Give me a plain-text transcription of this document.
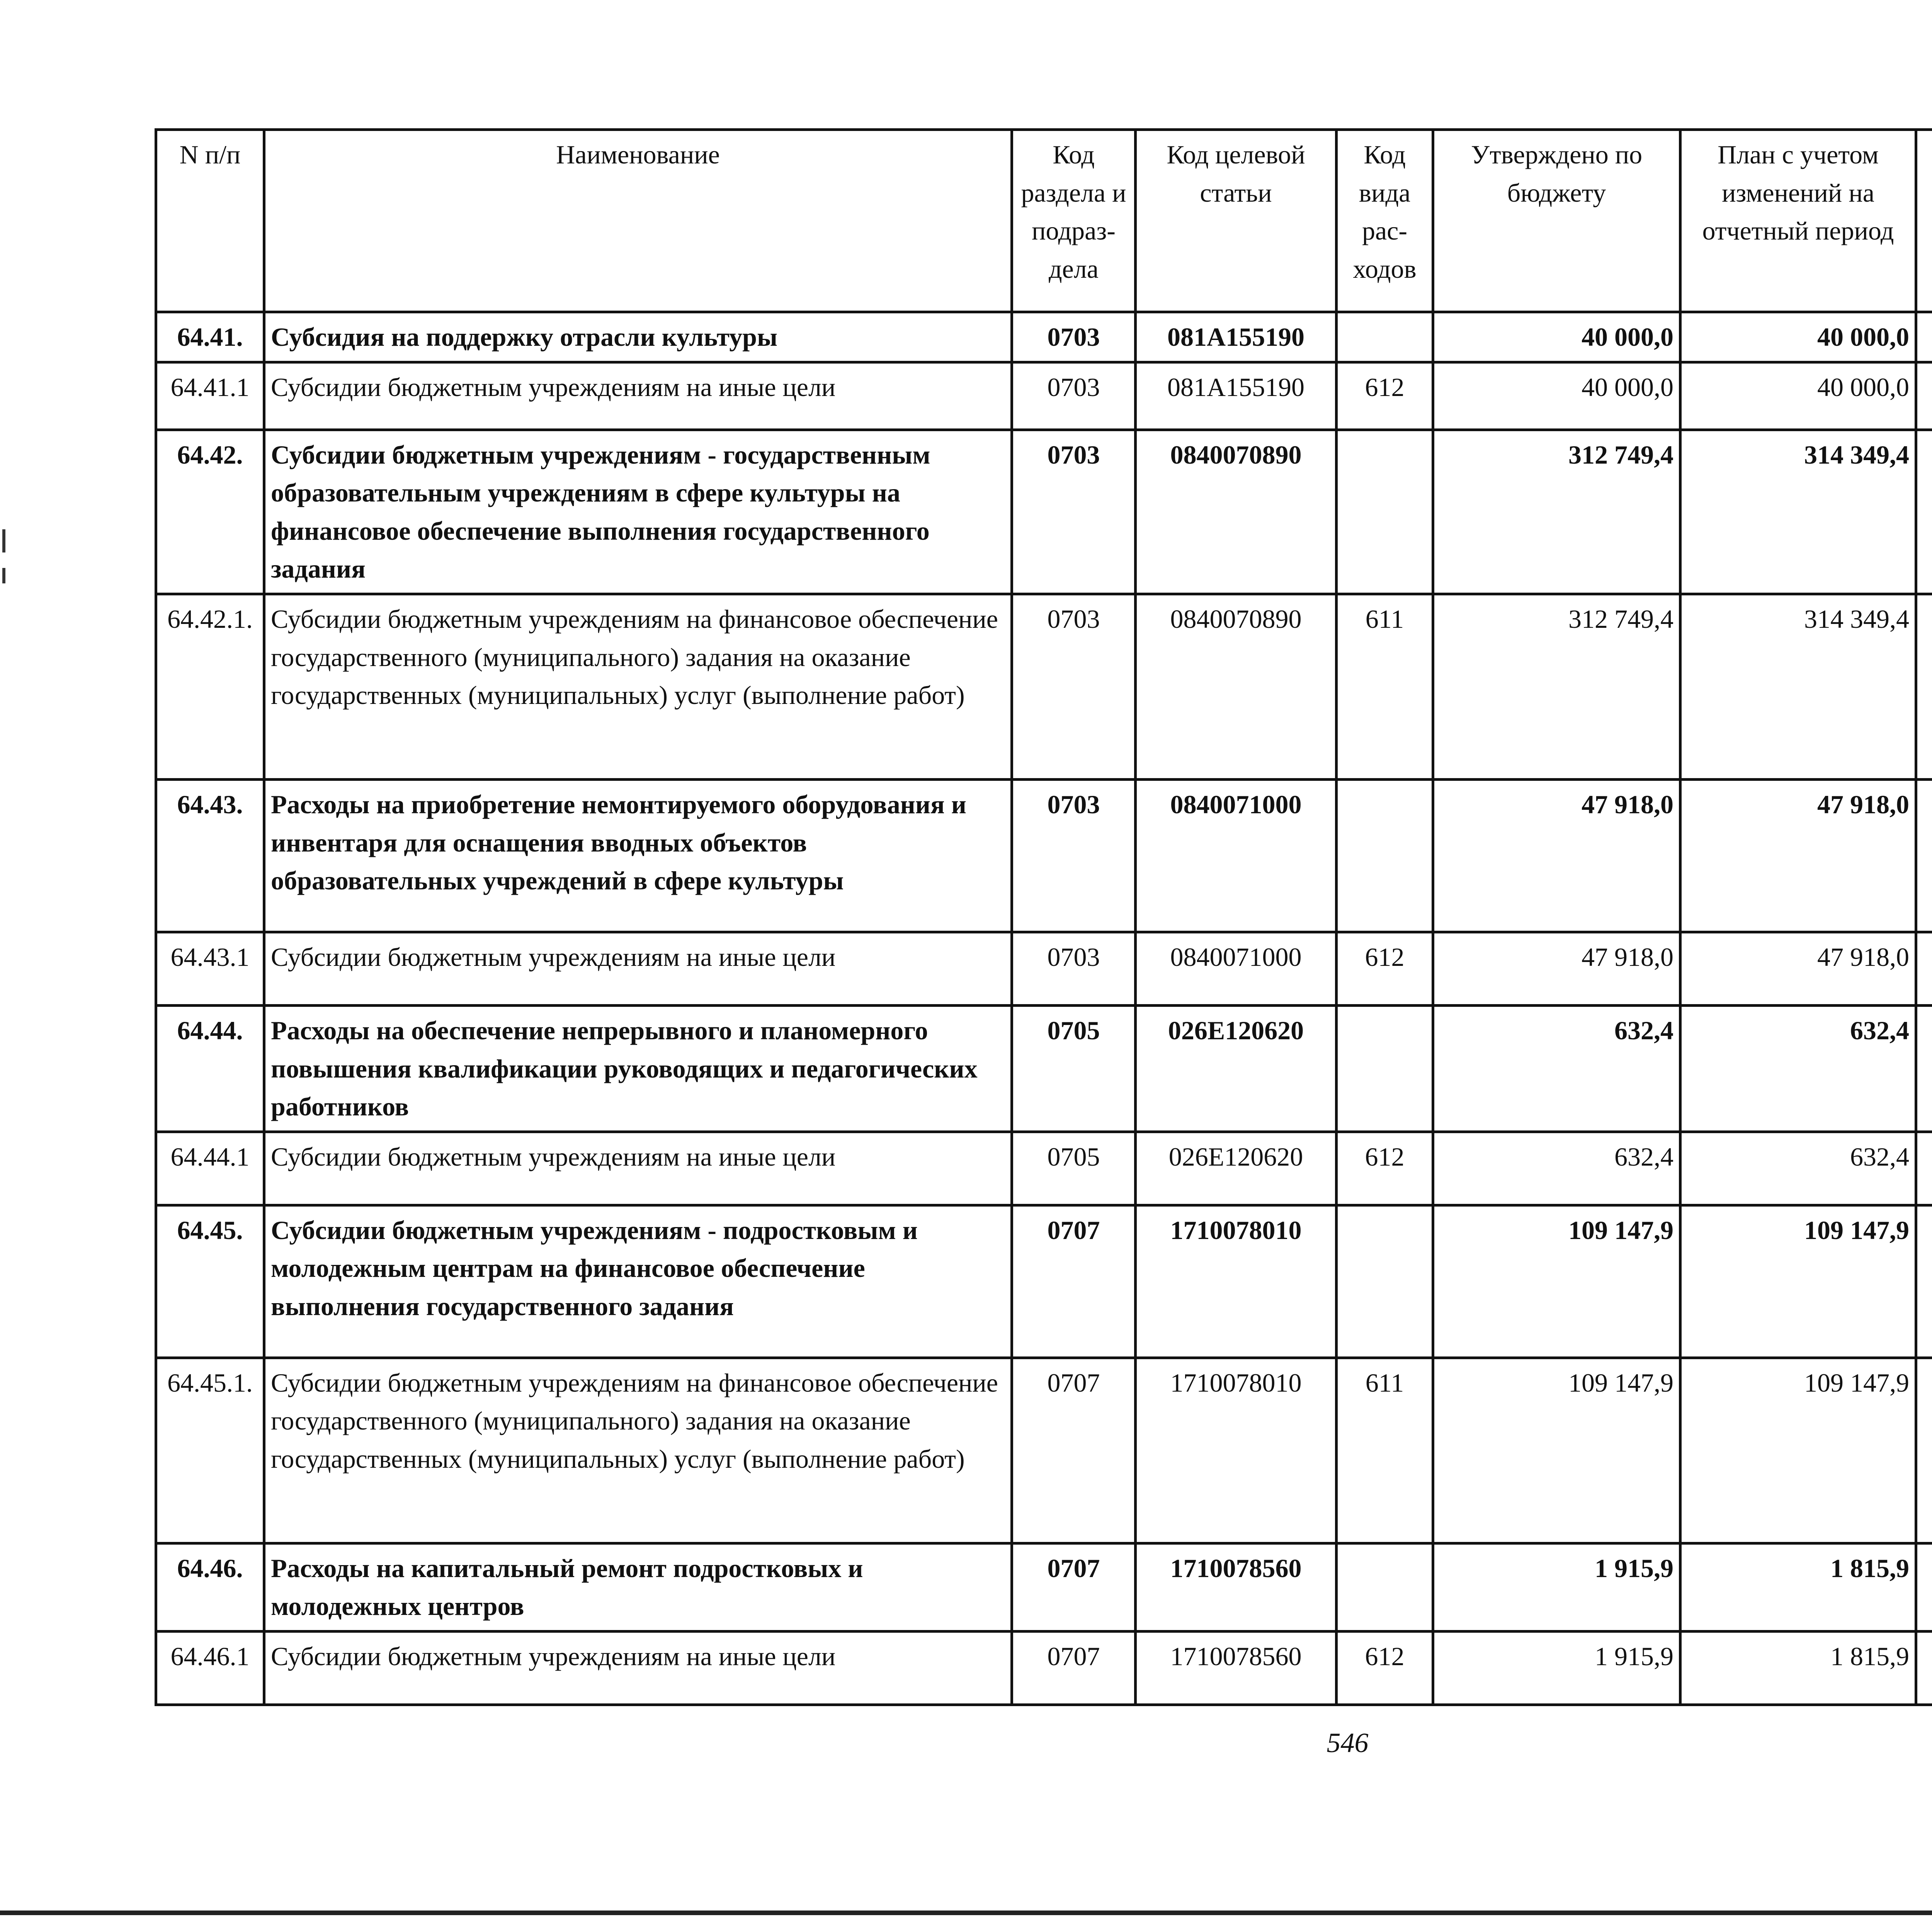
N п/п	Наименование	Код раздела и подраз-дела	Код целевой статьи	Код вида рас-ходов	Утверждено по бюджету	План с учетом изменений на отчетный период		

64.41.	Субсидия на поддержку отрасли культуры	0703	081A155190		40 000,0	40 000,0			
64.41.1	Субсидии бюджетным учреждениям на иные цели	0703	081A155190	612	40 000,0	40 000,0			
64.42.	Субсидии бюджетным учреждениям - государственным образовательным учреждениям в сфере культуры на финансовое обеспечение выполнения государственного задания	0703	0840070890		312 749,4	314 349,4			
64.42.1.	Субсидии бюджетным учреждениям на финансовое обеспечение государственного (муниципального) задания на оказание государственных (муниципальных) услуг (выполнение работ)	0703	0840070890	611	312 749,4	314 349,4			
64.43.	Расходы на приобретение немонтируемого оборудования и инвентаря для оснащения вводных объектов образовательных учреждений в сфере культуры	0703	0840071000		47 918,0	47 918,0			
64.43.1	Субсидии бюджетным учреждениям на иные цели	0703	0840071000	612	47 918,0	47 918,0			
64.44.	Расходы на обеспечение непрерывного и планомерного повышения квалификации руководящих и педагогических работников	0705	026E120620		632,4	632,4			
64.44.1	Субсидии бюджетным учреждениям на иные цели	0705	026E120620	612	632,4	632,4			
64.45.	Субсидии бюджетным учреждениям - подростковым и молодежным центрам на финансовое обеспечение выполнения государственного задания	0707	1710078010		109 147,9	109 147,9			
64.45.1.	Субсидии бюджетным учреждениям на финансовое обеспечение государственного (муниципального) задания на оказание государственных (муниципальных) услуг (выполнение работ)	0707	1710078010	611	109 147,9	109 147,9			
64.46.	Расходы на капитальный ремонт подростковых и молодежных центров	0707	1710078560		1 915,9	1 815,9			
64.46.1	Субсидии бюджетным учреждениям на иные цели	0707	1710078560	612	1 915,9	1 815,9			
546
